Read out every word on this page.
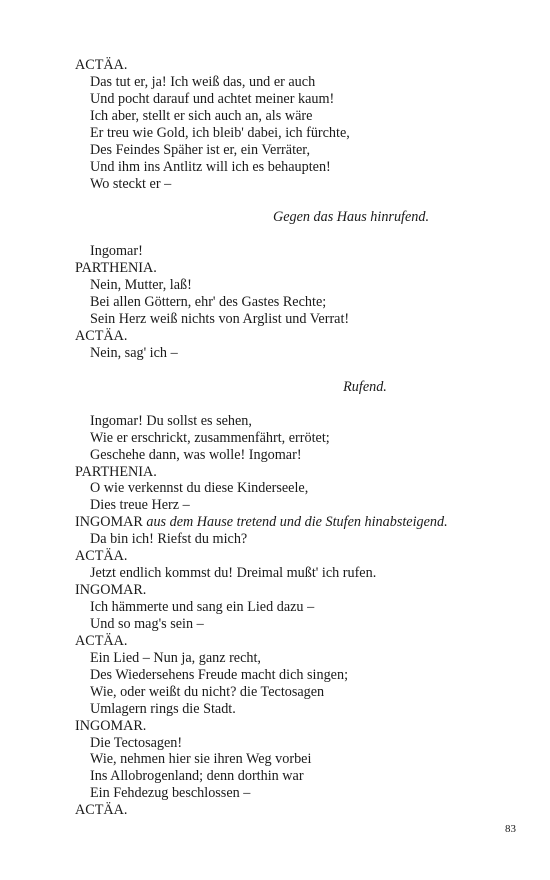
ACTÄA.
Das tut er, ja! Ich weiß das, und er auch
Und pocht darauf und achtet meiner kaum!
Ich aber, stellt er sich auch an, als wäre
Er treu wie Gold, ich bleib' dabei, ich fürchte,
Des Feindes Späher ist er, ein Verräter,
Und ihm ins Antlitz will ich es behaupten!
Wo steckt er –
Gegen das Haus hinrufend.
Ingomar!
PARTHENIA.
Nein, Mutter, laß!
Bei allen Göttern, ehr' des Gastes Rechte;
Sein Herz weiß nichts von Arglist und Verrat!
ACTÄA.
Nein, sag' ich –
Rufend.
Ingomar! Du sollst es sehen,
Wie er erschrickt, zusammenfährt, errötet;
Geschehe dann, was wolle! Ingomar!
PARTHENIA.
O wie verkennst du diese Kinderseele,
Dies treue Herz –
INGOMAR aus dem Hause tretend und die Stufen hinabsteigend.
Da bin ich! Riefst du mich?
ACTÄA.
Jetzt endlich kommst du! Dreimal mußt' ich rufen.
INGOMAR.
Ich hämmerte und sang ein Lied dazu –
Und so mag's sein –
ACTÄA.
Ein Lied – Nun ja, ganz recht,
Des Wiedersehens Freude macht dich singen;
Wie, oder weißt du nicht? die Tectosagen
Umlagern rings die Stadt.
INGOMAR.
Die Tectosagen!
Wie, nehmen hier sie ihren Weg vorbei
Ins Allobrogenland; denn dorthin war
Ein Fehdezug beschlossen –
ACTÄA.
83
